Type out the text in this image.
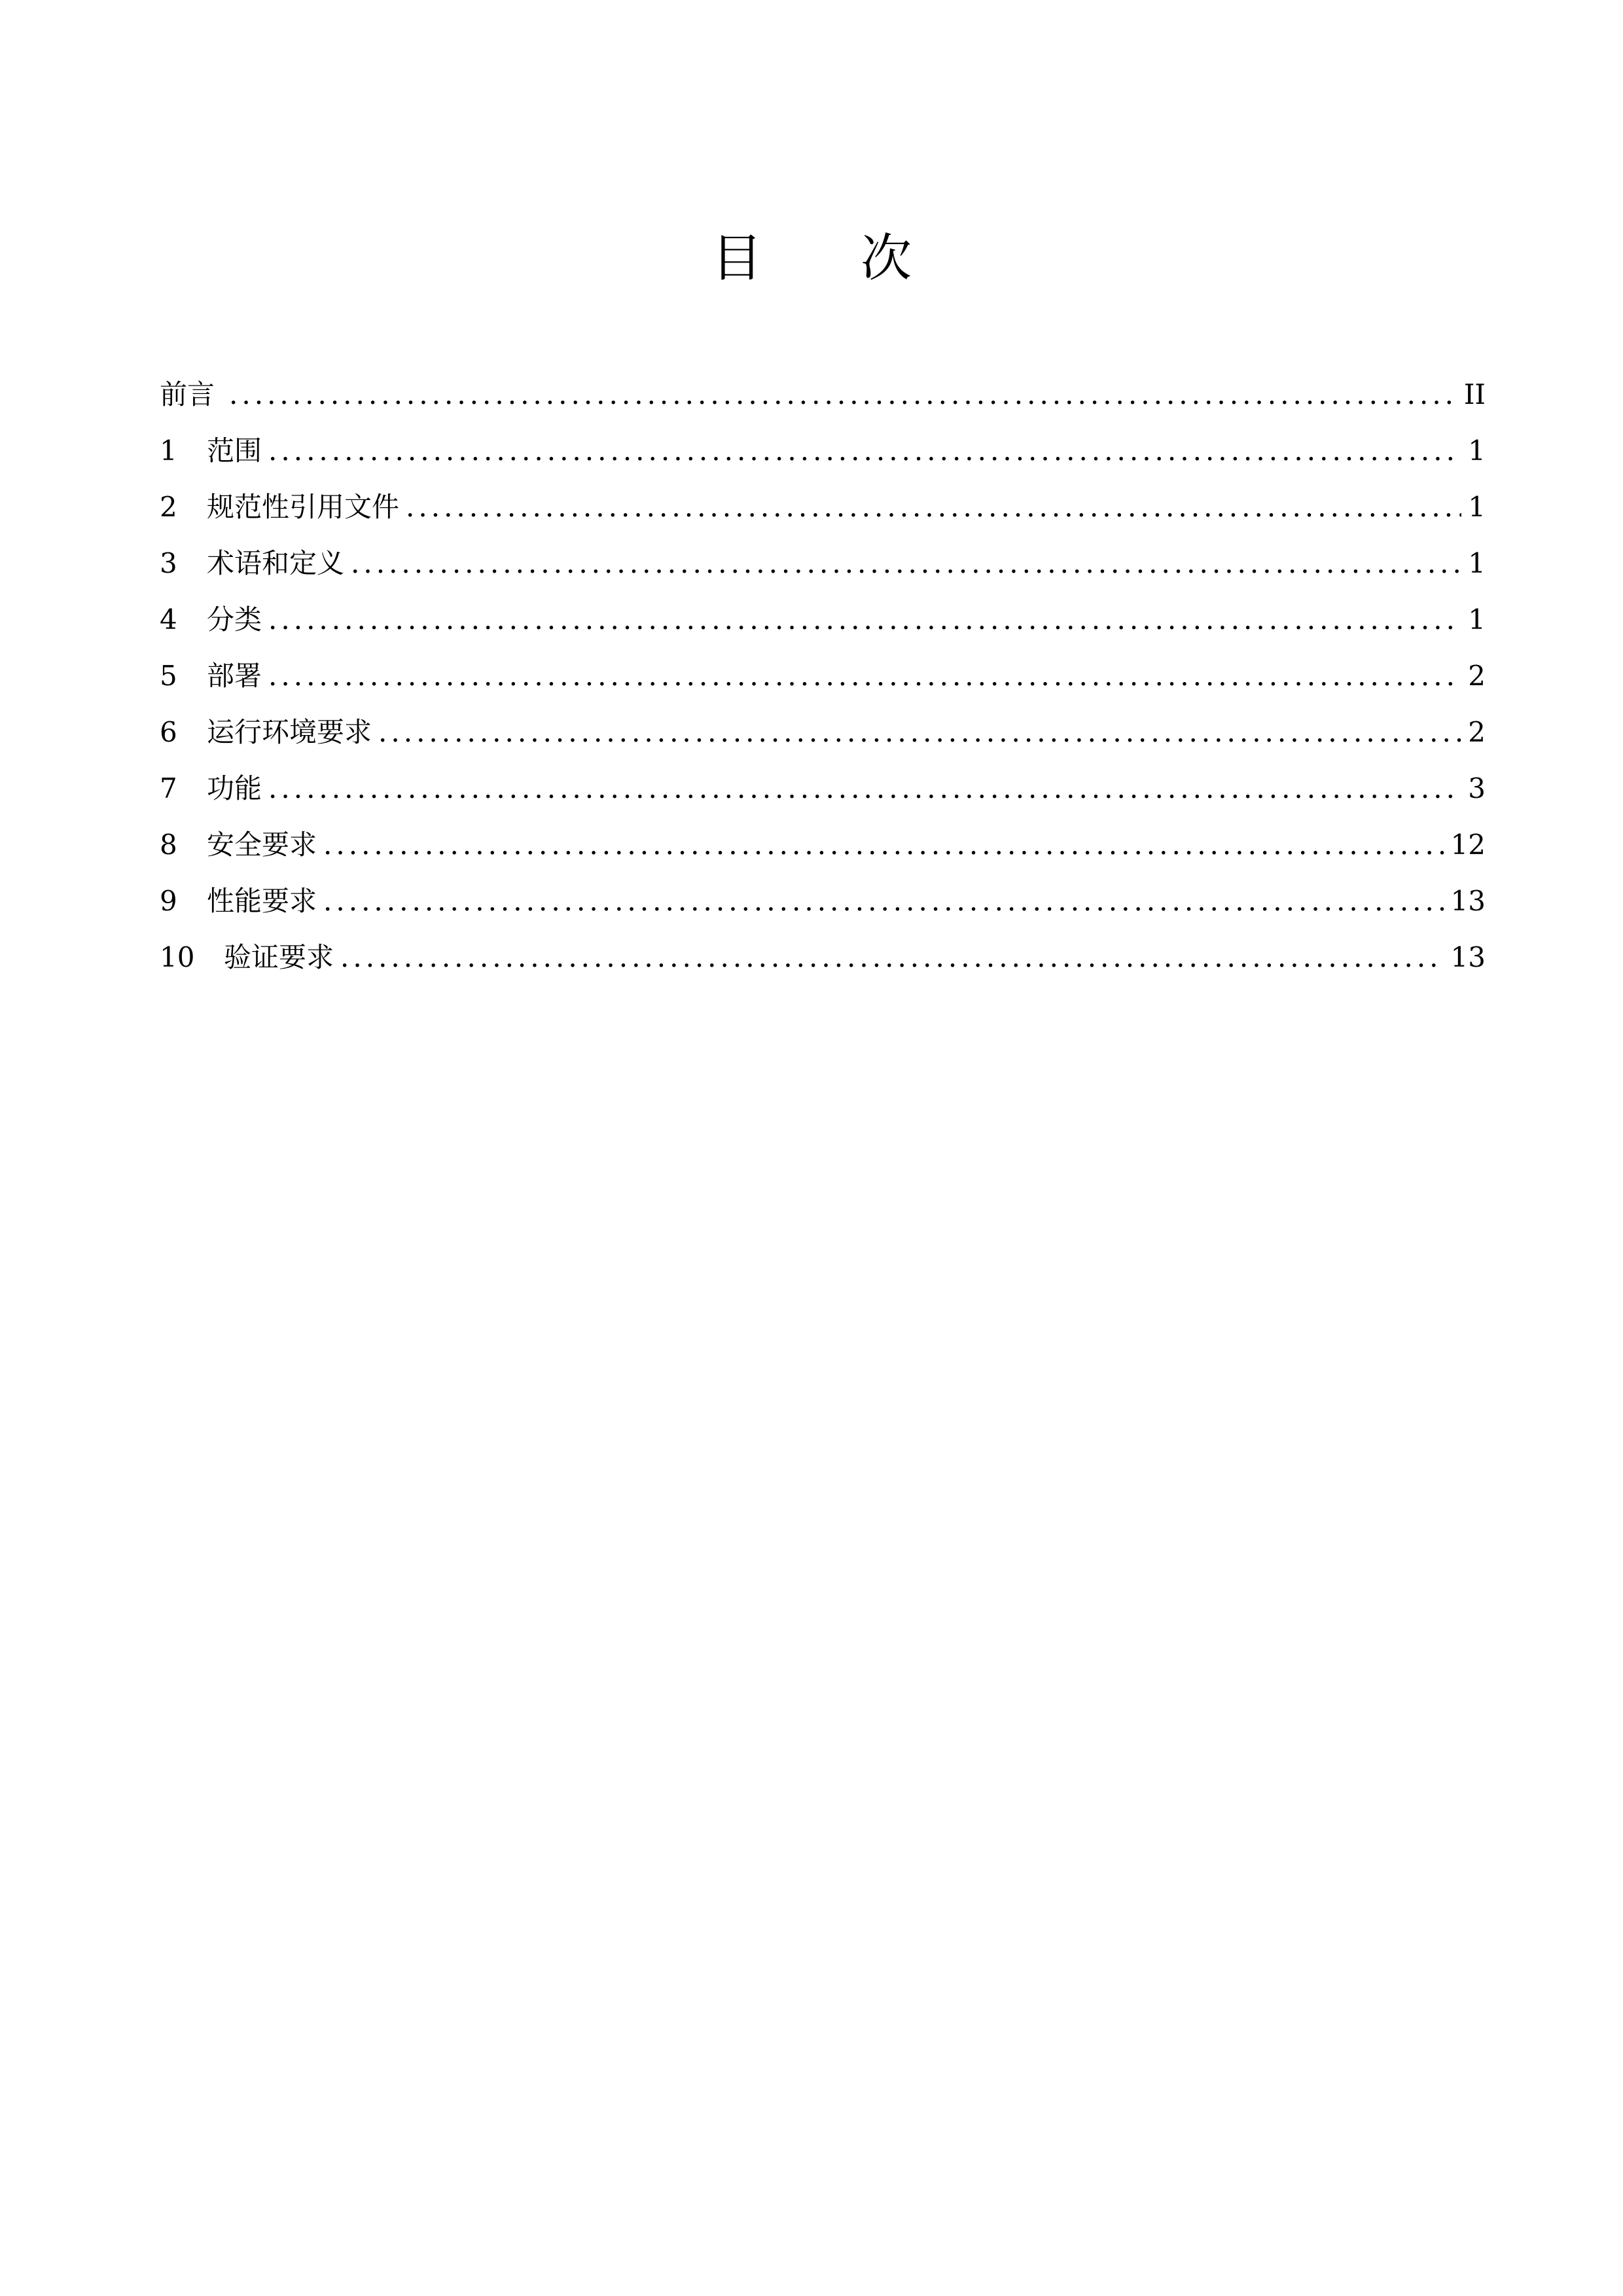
目 次
前言 .....	II
1	范围 .....	1
2	规范性引用文件 .....	1
3	术语和定义 .....	1
4	分类 .....	1
5	部署 .....	2
6	运行环境要求 .....	2
7	功能 .....	3
8	安全要求 .....	12
9	性能要求 .....	13
10	验证要求 .....	13
